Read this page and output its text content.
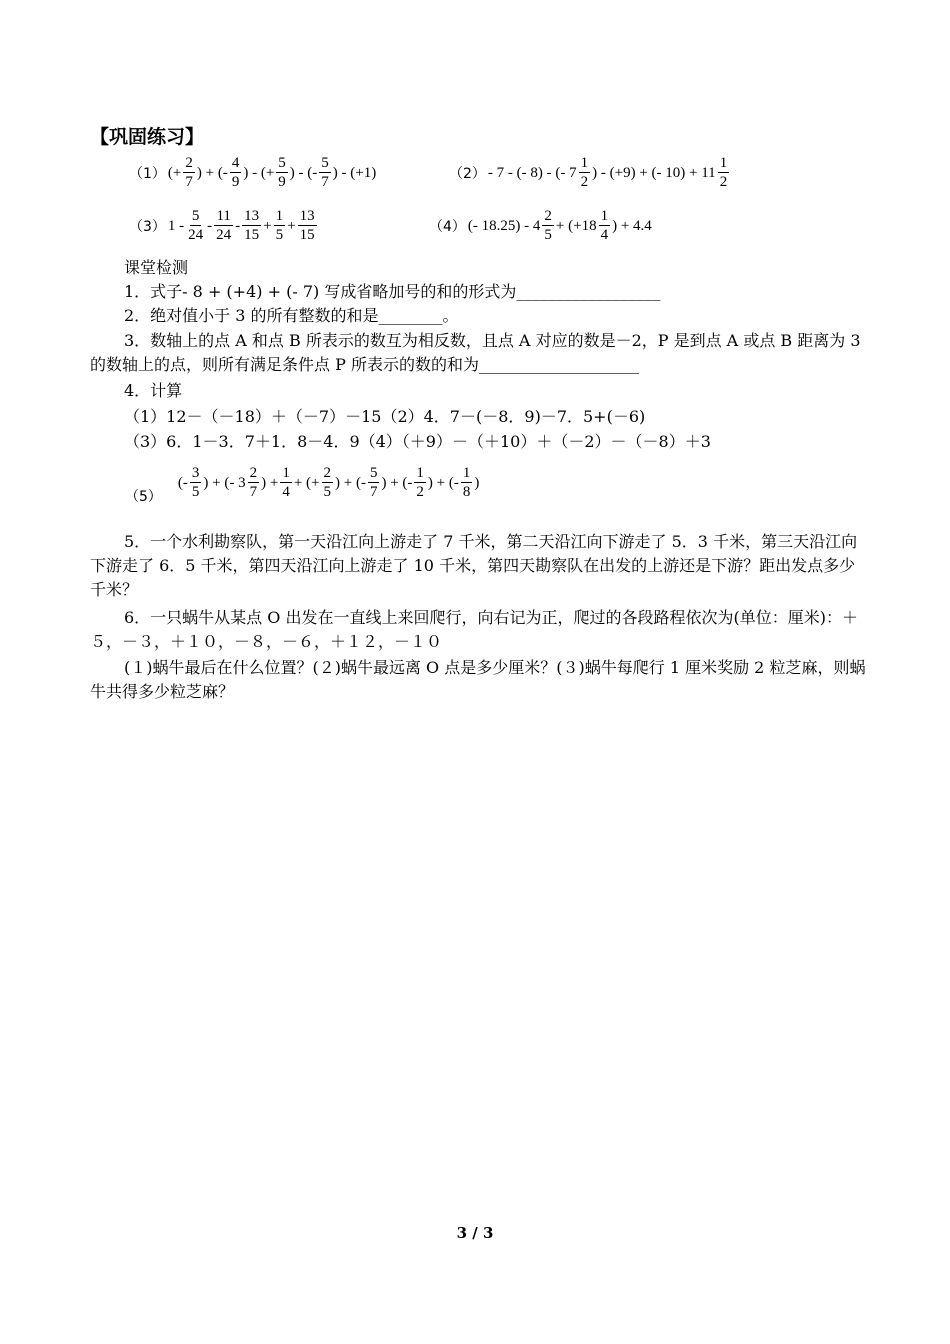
【巩固练习】
（1） (+ $\frac{2}{7}$ ) + (- $\frac{4}{9}$ ) - (+ $\frac{5}{9}$ ) - (- $\frac{5}{7}$ ) - (+1)	（2） - 7 - (- 8) - (- $7 \frac{1}{2}$ ) - (+9) + (- $10) + 11 \frac{1}{2}$
（3） $1 - \frac{5}{24} - \frac{11}{24} - \frac{13}{15} + \frac{1}{5} + \frac{13}{15}$	（4） (- $18.25) - 4 \frac{2}{5} + (+18 \frac{1}{4}$ ) + 4.4
课堂检测
1．式子- 8 + (+4) + (- 7) 写成省略加号的和的形式为__________________
2．绝对值小于 3 的所有整数的和是________。
3．数轴上的点 A 和点 B 所表示的数互为相反数，且点 A 对应的数是－2，P 是到点 A 或点 B 距离为 3 的数轴上的点，则所有满足条件点 P 所表示的数的和为____________________
4．计算
（1）12－（－18）＋（－7）－15（2）4．7－(－8．9)－7．5+(－6)
（3）6．1－3．7＋1．8－4．9（4）（＋9）－（＋10）＋（－2）－（－8）＋3
（5）
(- $\frac{3}{5}$ ) + (- $3 \frac{2}{7}$ ) + $\frac{1}{4}$ + (+ $\frac{2}{5}$ ) + (- $\frac{5}{7}$ ) + (- $\frac{1}{2}$ ) + (- $\frac{1}{8}$ )
5．一个水利勘察队，第一天沿江向上游走了 7 千米，第二天沿江向下游走了 5．3 千米，第三天沿江向下游走了 6．5 千米，第四天沿江向上游走了 10 千米，第四天勘察队在出发的上游还是下游？距出发点多少千米？
6．一只蜗牛从某点 O 出发在一直线上来回爬行，向右记为正，爬过的各段路程依次为(单位：厘米)：＋５，－３，＋１０，－８，－６，＋１２，－１０
(１)蜗牛最后在什么位置？(２)蜗牛最远离 O 点是多少厘米？(３)蜗牛每爬行 1 厘米奖励 2 粒芝麻，则蜗牛共得多少粒芝麻？
3 / 3
